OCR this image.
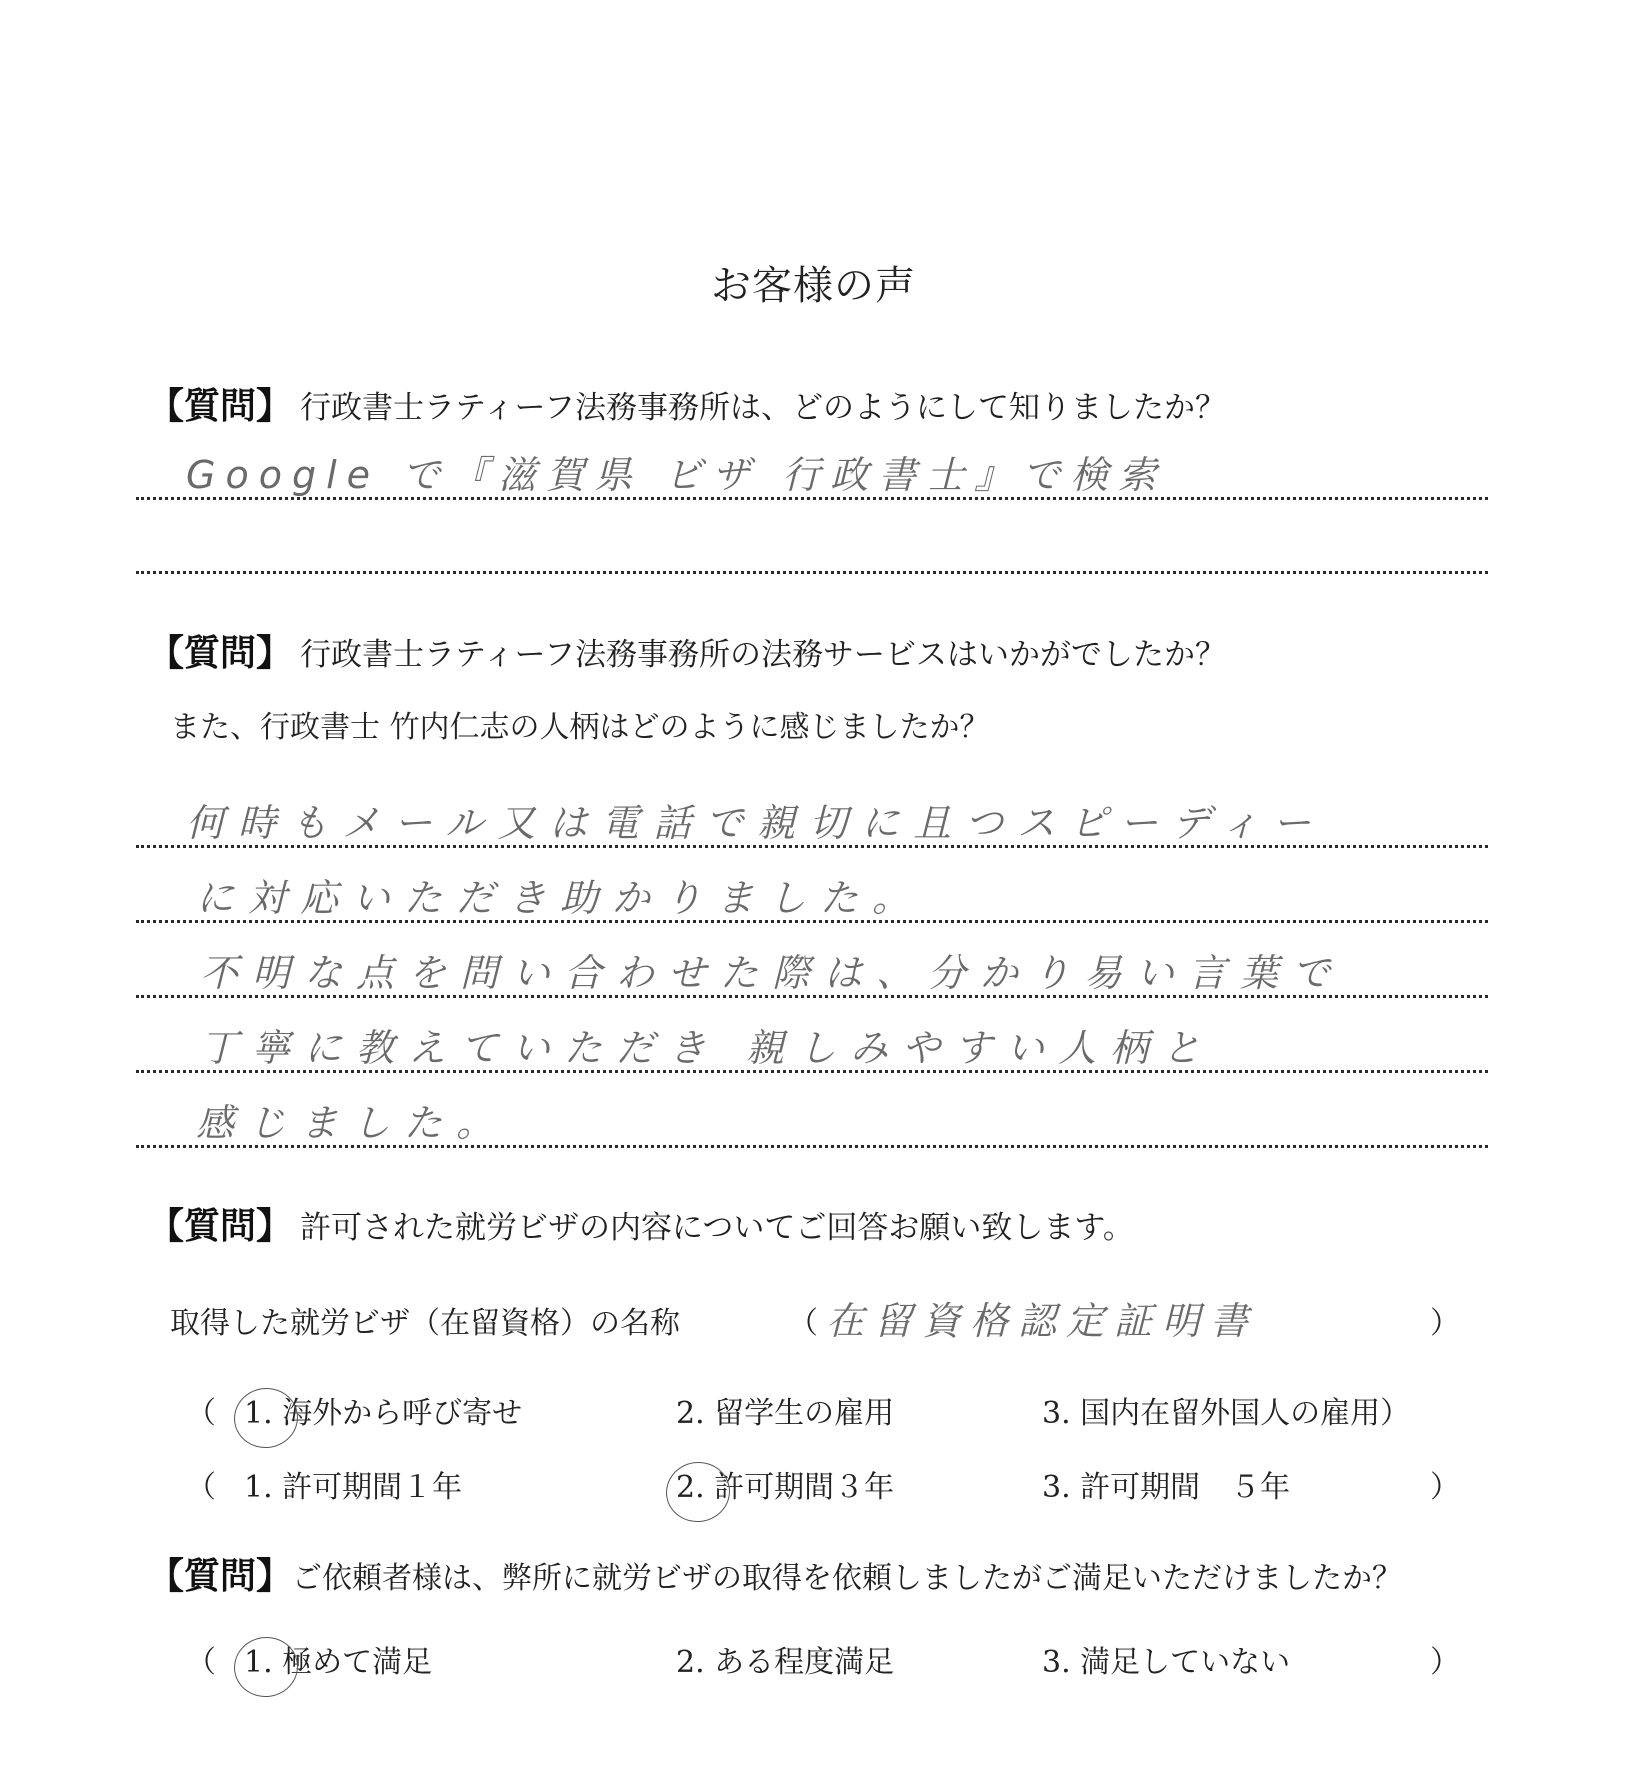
お客様の声
【質問】 行政書士ラティーフ法務事務所は、どのようにして知りましたか？
Google で『滋賀県 ビザ 行政書士』で検索
【質問】 行政書士ラティーフ法務事務所の法務サービスはいかがでしたか？
また、行政書士 竹内仁志の人柄はどのように感じましたか？
何時もメール又は電話で親切に且つスピーディー
に対応いただき助かりました。
不明な点を問い合わせた際は、分かり易い言葉で
丁寧に教えていただき 親しみやすい人柄と
感じました。
【質問】 許可された就労ビザの内容についてご回答お願い致します。
取得した就労ビザ（在留資格）の名称	（ 在留資格認定証明書	）
（ 1. 海外から呼び寄せ	2. 留学生の雇用	3. 国内在留外国人の雇用）
（ 1. 許可期間１年	2. 許可期間３年	3. 許可期間　５年	）
【質問】ご依頼者様は、弊所に就労ビザの取得を依頼しましたがご満足いただけましたか？
（ 1. 極めて満足	2. ある程度満足	3. 満足していない	）
